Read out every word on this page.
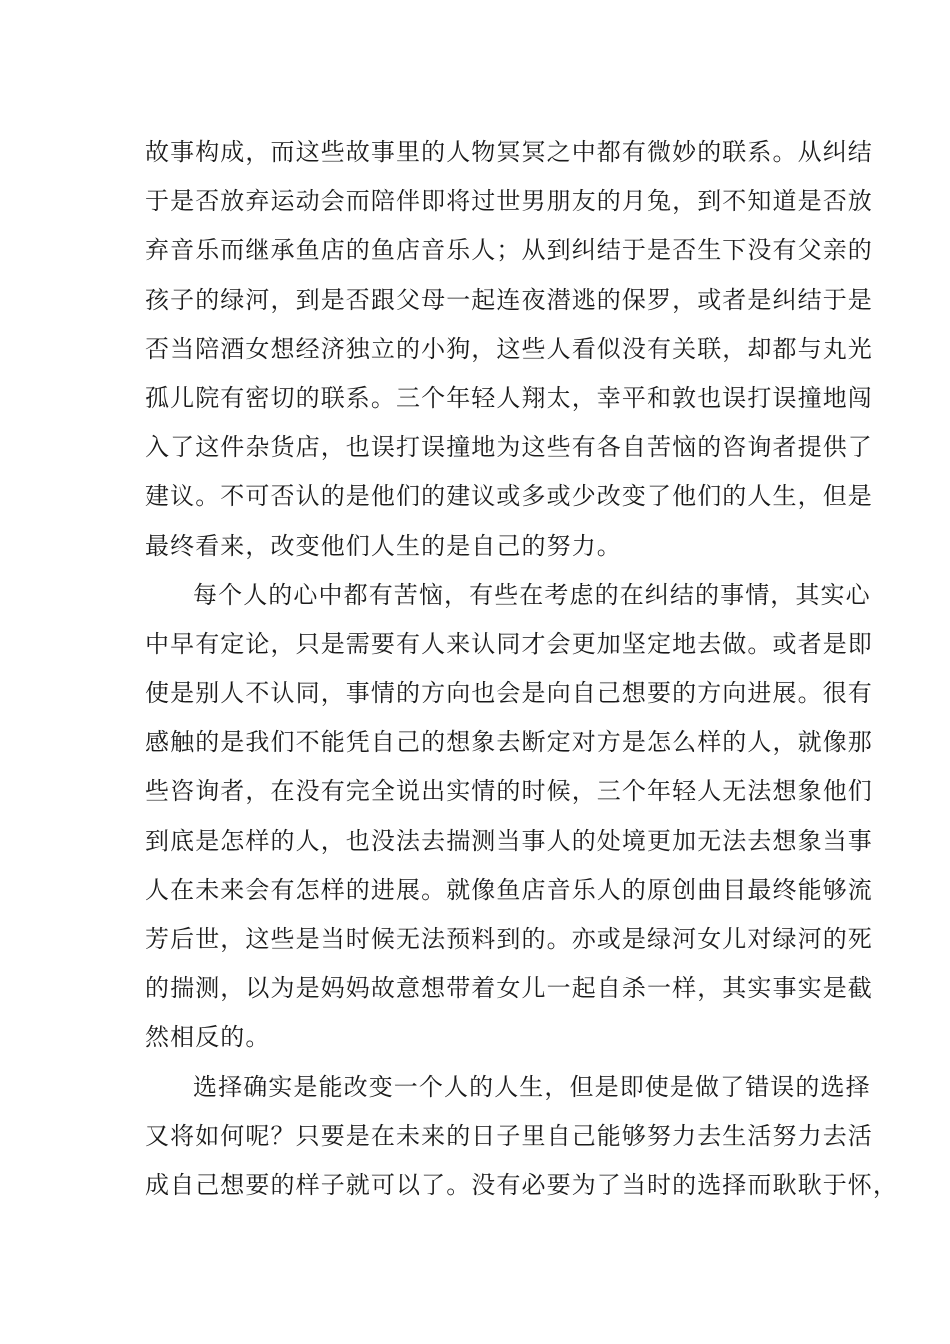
故事构成，而这些故事里的人物冥冥之中都有微妙的联系。从纠结
于是否放弃运动会而陪伴即将过世男朋友的月兔，到不知道是否放
弃音乐而继承鱼店的鱼店音乐人；从到纠结于是否生下没有父亲的
孩子的绿河，到是否跟父母一起连夜潜逃的保罗，或者是纠结于是
否当陪酒女想经济独立的小狗，这些人看似没有关联，却都与丸光
孤儿院有密切的联系。三个年轻人翔太，幸平和敦也误打误撞地闯
入了这件杂货店，也误打误撞地为这些有各自苦恼的咨询者提供了
建议。不可否认的是他们的建议或多或少改变了他们的人生，但是
最终看来，改变他们人生的是自己的努力。
每个人的心中都有苦恼，有些在考虑的在纠结的事情，其实心
中早有定论，只是需要有人来认同才会更加坚定地去做。或者是即
使是别人不认同，事情的方向也会是向自己想要的方向进展。很有
感触的是我们不能凭自己的想象去断定对方是怎么样的人，就像那
些咨询者，在没有完全说出实情的时候，三个年轻人无法想象他们
到底是怎样的人，也没法去揣测当事人的处境更加无法去想象当事
人在未来会有怎样的进展。就像鱼店音乐人的原创曲目最终能够流
芳后世，这些是当时候无法预料到的。亦或是绿河女儿对绿河的死
的揣测，以为是妈妈故意想带着女儿一起自杀一样，其实事实是截
然相反的。
选择确实是能改变一个人的人生，但是即使是做了错误的选择
又将如何呢？只要是在未来的日子里自己能够努力去生活努力去活
成自己想要的样子就可以了。没有必要为了当时的选择而耿耿于怀，
